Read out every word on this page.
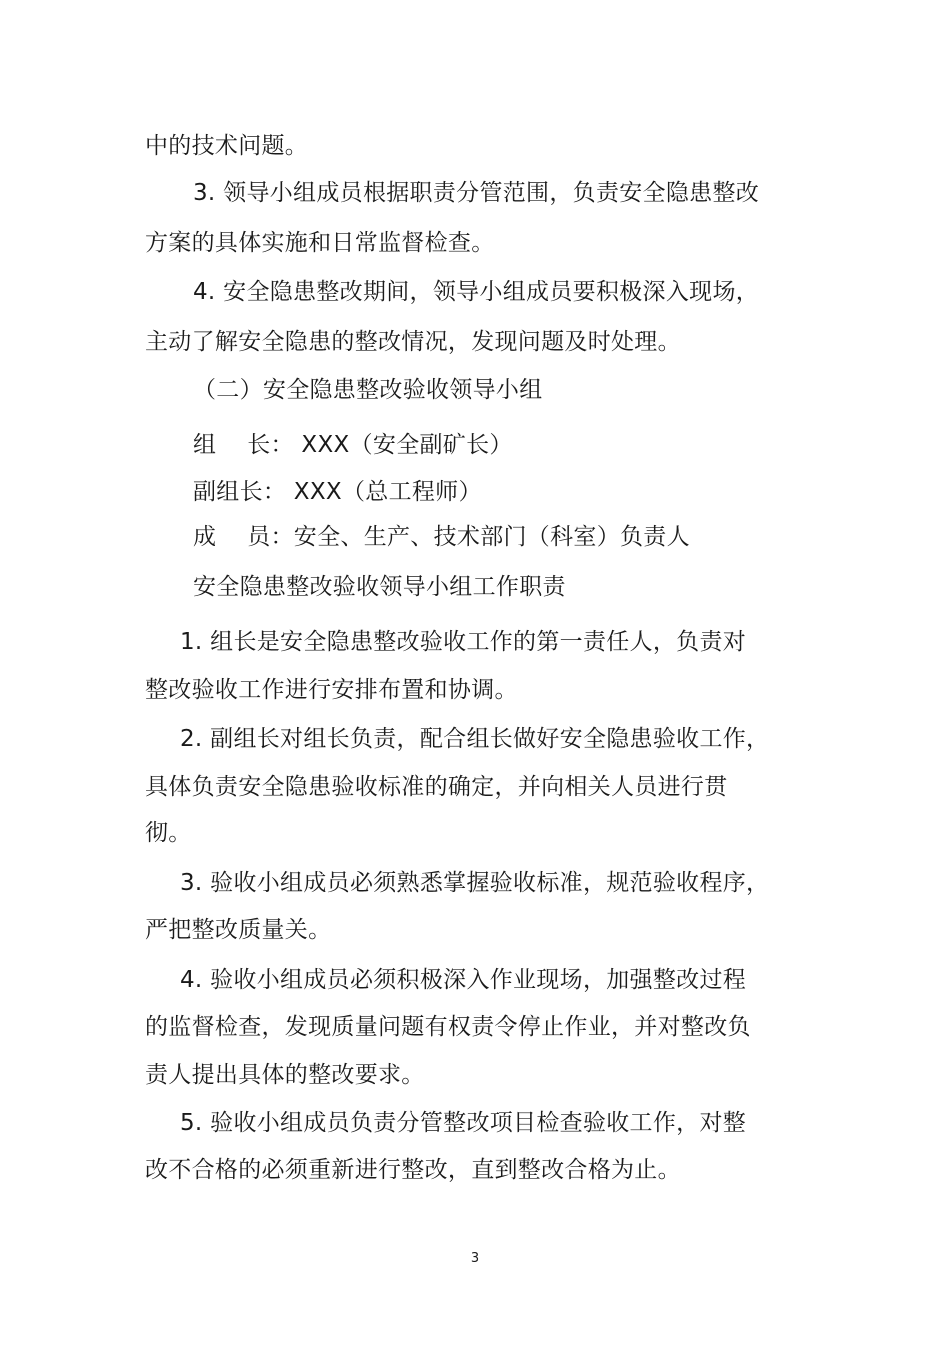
中的技术问题。

3. 领导小组成员根据职责分管范围，负责安全隐患整改

方案的具体实施和日常监督检查。

4. 安全隐患整改期间，领导小组成员要积极深入现场，

主动了解安全隐患的整改情况，发现问题及时处理。

（二）安全隐患整改验收领导小组

组　 长： XXX（安全副矿长）

副组长： XXX（总工程师）

成　 员：安全、生产、技术部门（科室）负责人

安全隐患整改验收领导小组工作职责

1. 组长是安全隐患整改验收工作的第一责任人，负责对

整改验收工作进行安排布置和协调。

2. 副组长对组长负责，配合组长做好安全隐患验收工作，

具体负责安全隐患验收标准的确定，并向相关人员进行贯

彻。

3. 验收小组成员必须熟悉掌握验收标准，规范验收程序，

严把整改质量关。

4. 验收小组成员必须积极深入作业现场，加强整改过程

的监督检查，发现质量问题有权责令停止作业，并对整改负

责人提出具体的整改要求。

5. 验收小组成员负责分管整改项目检查验收工作，对整

改不合格的必须重新进行整改，直到整改合格为止。

3
